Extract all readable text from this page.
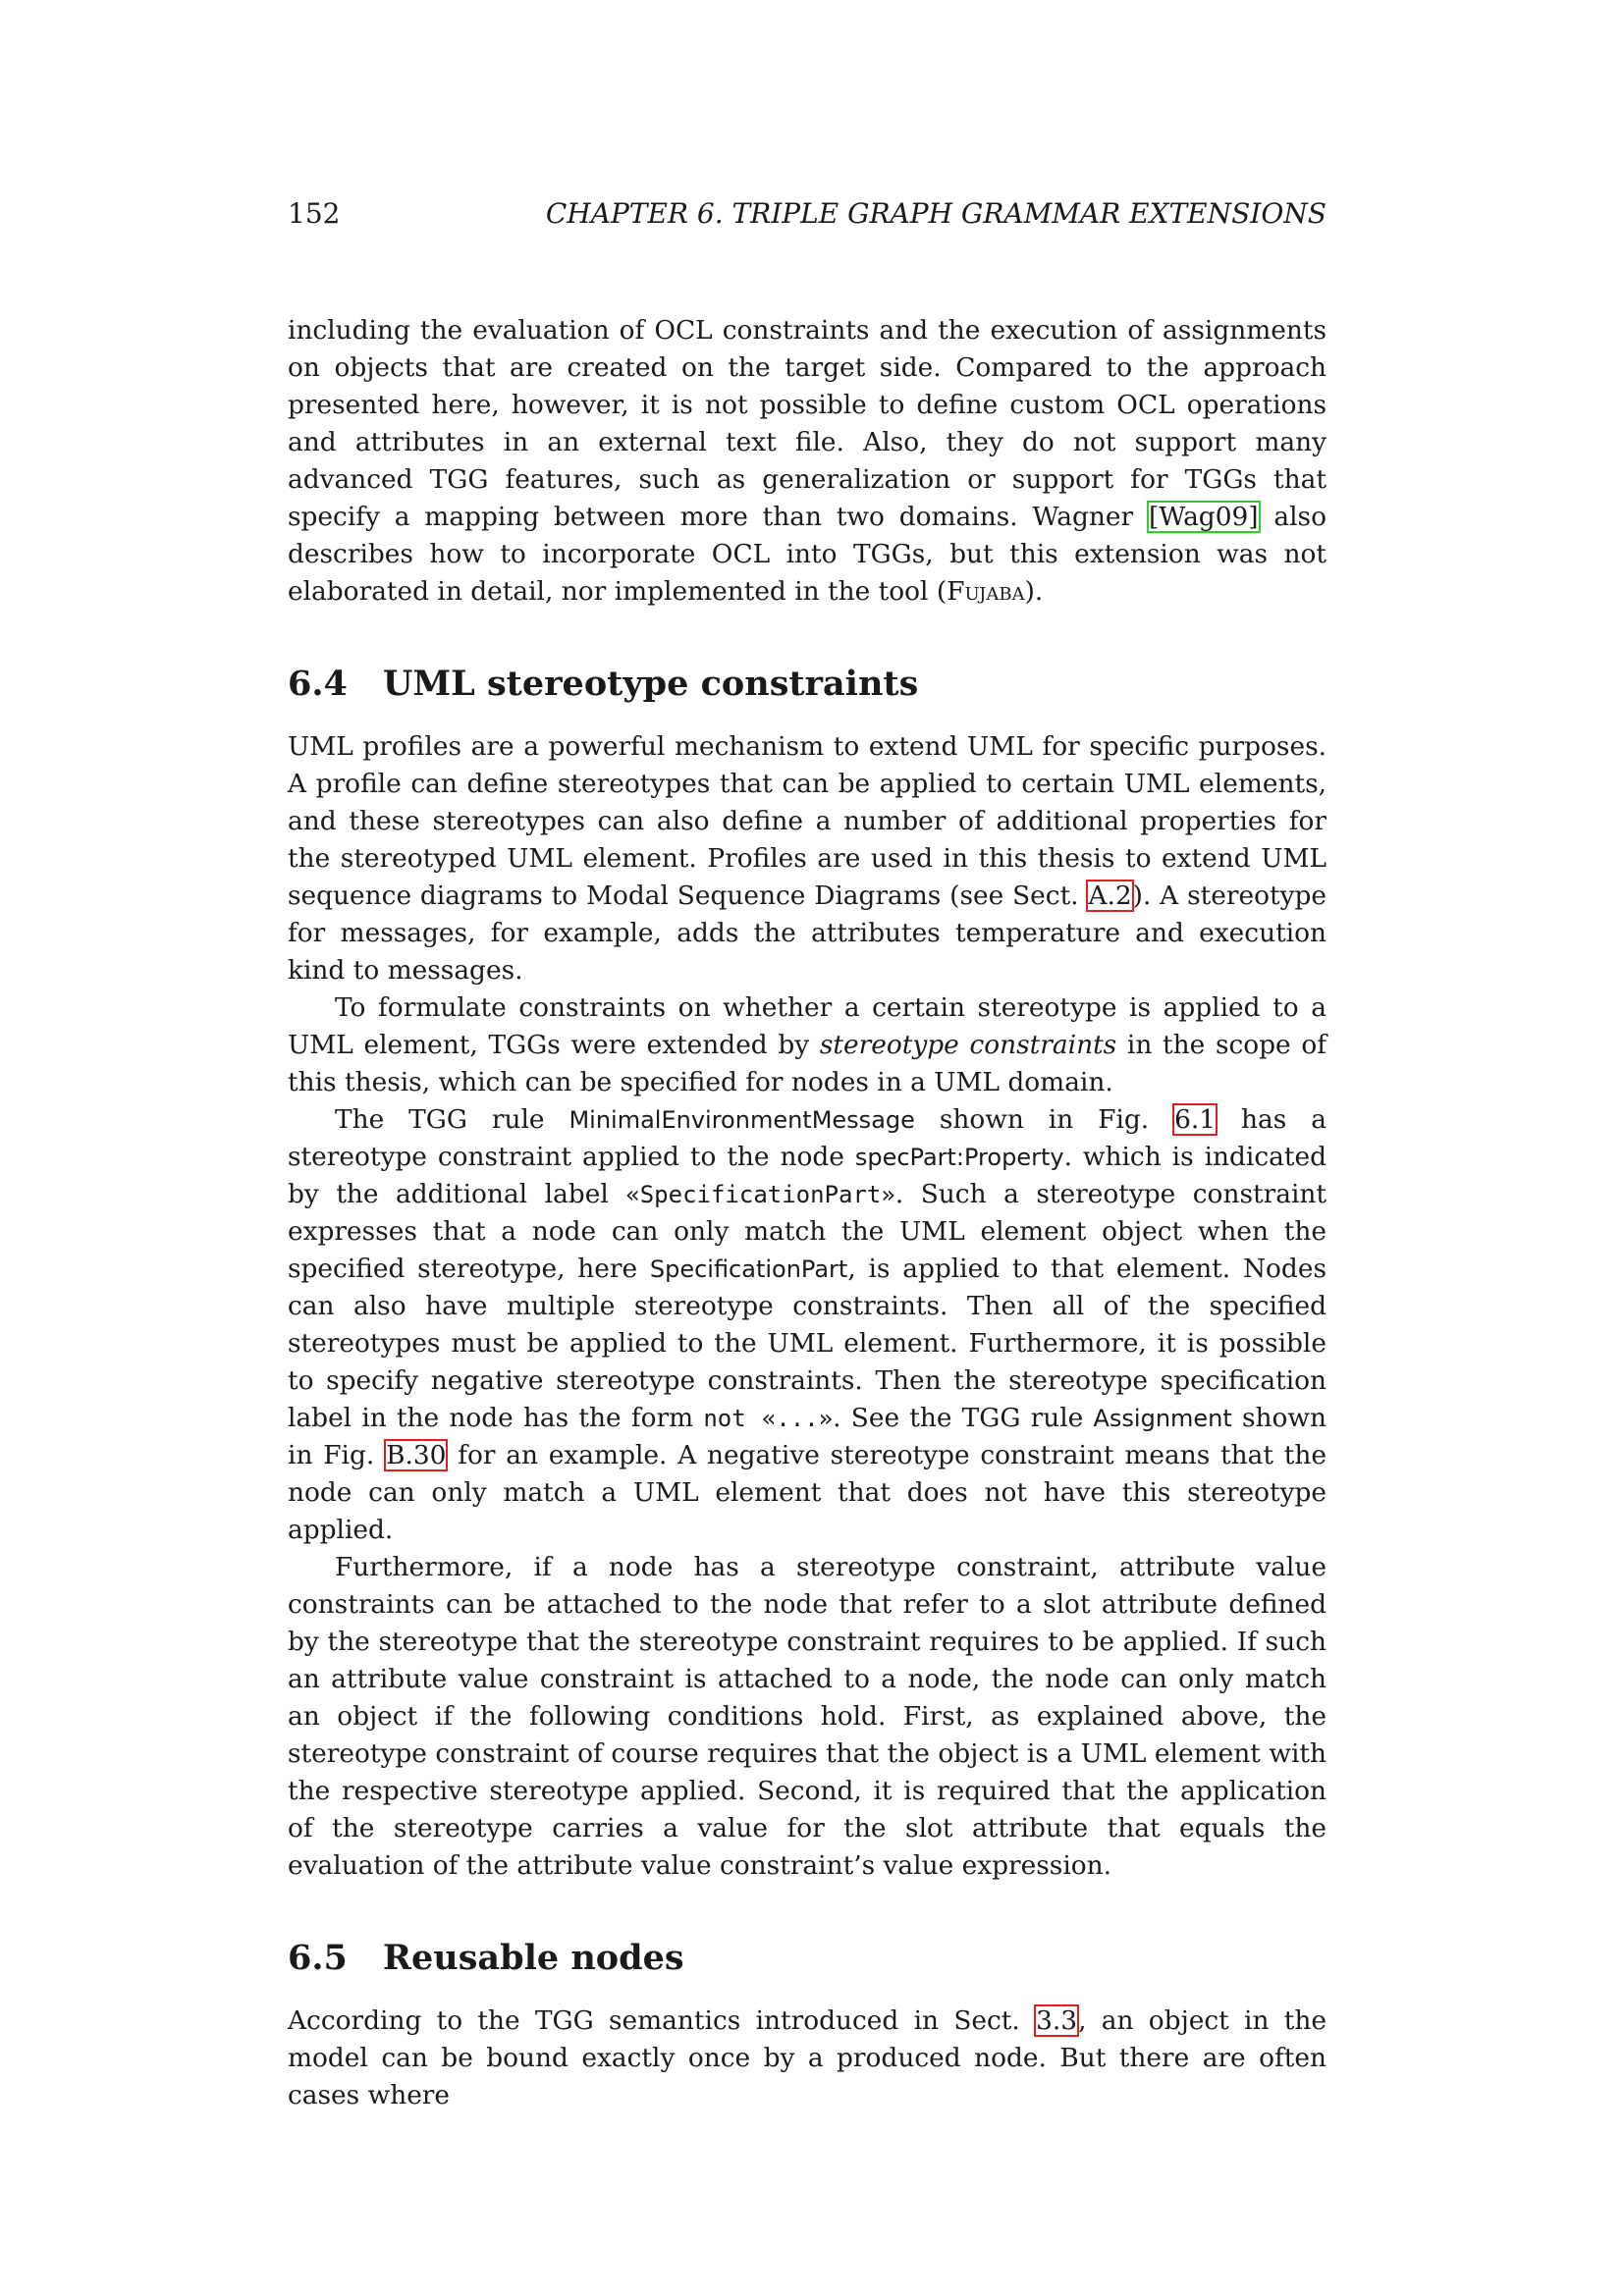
152	CHAPTER 6. TRIPLE GRAPH GRAMMAR EXTENSIONS

including the evaluation of OCL constraints and the execution of assignments on objects that are created on the target side. Compared to the approach presented here, however, it is not possible to define custom OCL operations and attributes in an external text file. Also, they do not support many advanced TGG features, such as generalization or support for TGGs that specify a mapping between more than two domains. Wagner [Wag09] also describes how to incorporate OCL into TGGs, but this extension was not elaborated in detail, nor implemented in the tool (Fujaba).

6.4 UML stereotype constraints

UML profiles are a powerful mechanism to extend UML for specific purposes. A profile can define stereotypes that can be applied to certain UML elements, and these stereotypes can also define a number of additional properties for the stereotyped UML element. Profiles are used in this thesis to extend UML sequence diagrams to Modal Sequence Diagrams (see Sect. A.2). A stereotype for messages, for example, adds the attributes temperature and execution kind to messages.

To formulate constraints on whether a certain stereotype is applied to a UML element, TGGs were extended by stereotype constraints in the scope of this thesis, which can be specified for nodes in a UML domain.

The TGG rule MinimalEnvironmentMessage shown in Fig. 6.1 has a stereotype constraint applied to the node specPart:Property. which is indicated by the additional label «SpecificationPart». Such a stereotype constraint expresses that a node can only match the UML element object when the specified stereotype, here SpecificationPart, is applied to that element. Nodes can also have multiple stereotype constraints. Then all of the specified stereotypes must be applied to the UML element. Furthermore, it is possible to specify negative stereotype constraints. Then the stereotype specification label in the node has the form not «...». See the TGG rule Assignment shown in Fig. B.30 for an example. A negative stereotype constraint means that the node can only match a UML element that does not have this stereotype applied.

Furthermore, if a node has a stereotype constraint, attribute value constraints can be attached to the node that refer to a slot attribute defined by the stereotype that the stereotype constraint requires to be applied. If such an attribute value constraint is attached to a node, the node can only match an object if the following conditions hold. First, as explained above, the stereotype constraint of course requires that the object is a UML element with the respective stereotype applied. Second, it is required that the application of the stereotype carries a value for the slot attribute that equals the evaluation of the attribute value constraint’s value expression.

6.5 Reusable nodes

According to the TGG semantics introduced in Sect. 3.3, an object in the model can be bound exactly once by a produced node. But there are often cases where
